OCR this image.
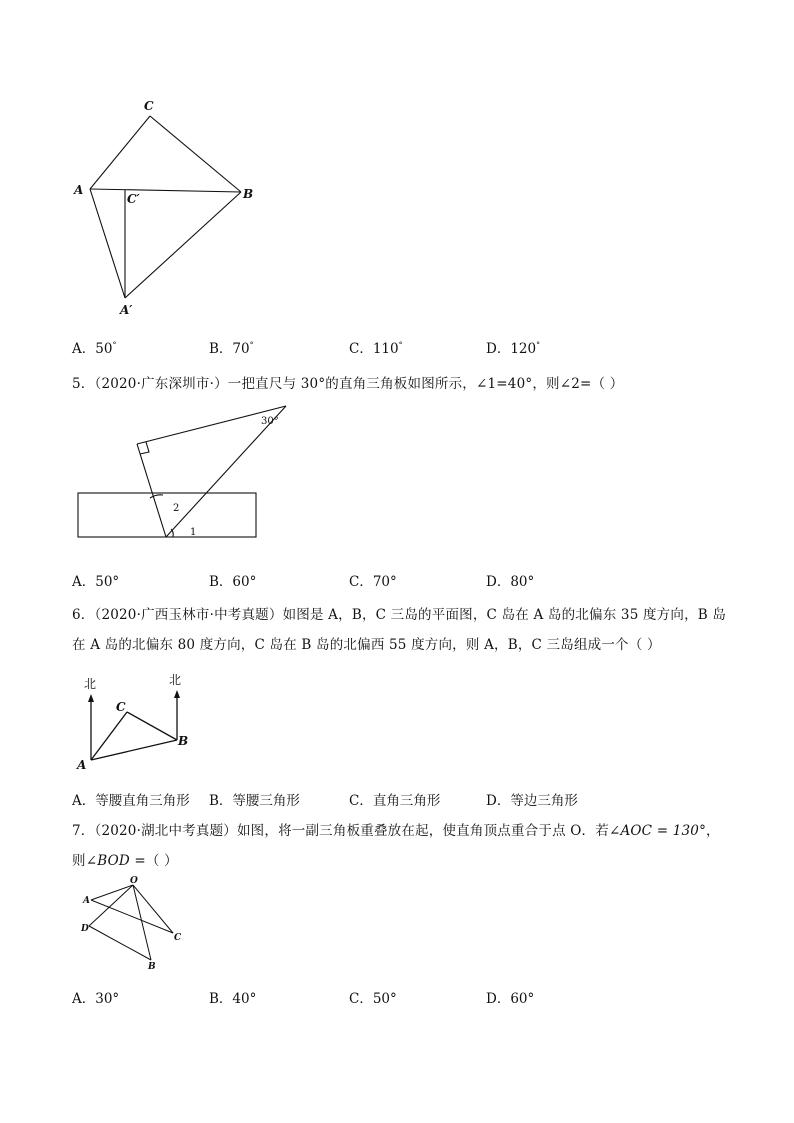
C
A	B
C′
A′
A．50°	B．70°	C．110°	D．120°
5．（2020·广东深圳市·）一把直尺与 30°的直角三角板如图所示，∠1=40°，则∠2=（ ）
30°
2
1
A．50°	B．60°	C．70°	D．80°
6．（2020·广西玉林市·中考真题）如图是 A，B，C 三岛的平面图，C 岛在 A 岛的北偏东 35 度方向，B 岛
在 A 岛的北偏东 80 度方向，C 岛在 B 岛的北偏西 55 度方向，则 A，B，C 三岛组成一个（ ）
北	北
C
B
A
A．等腰直角三角形 B．等腰三角形	C．直角三角形	D．等边三角形
7．（2020·湖北中考真题）如图，将一副三角板重叠放在起，使直角顶点重合于点 O．若∠AOC = 130°，
则∠BOD =（ ）
O
A
D
C
B
A．30°	B．40°	C．50°	D．60°
